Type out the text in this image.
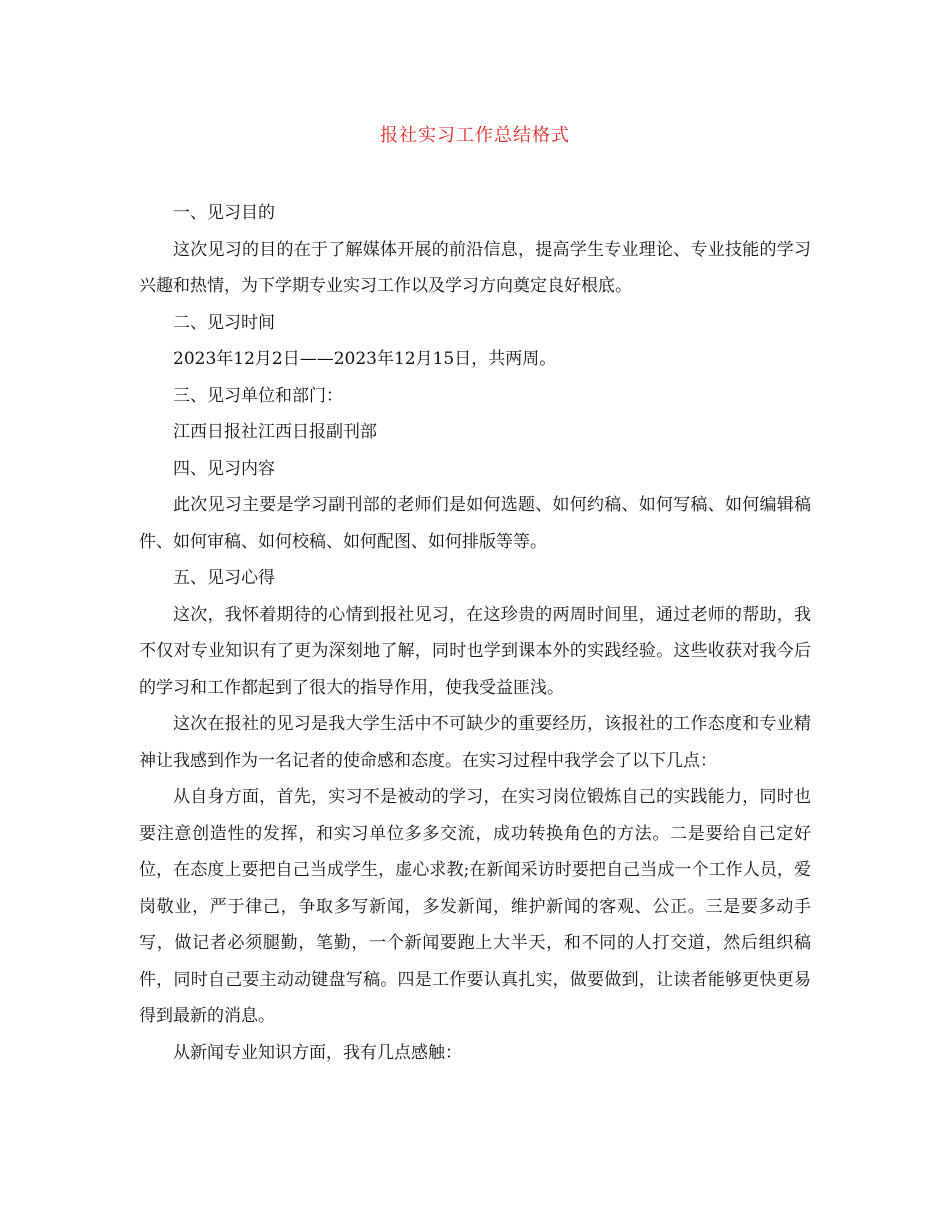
报社实习工作总结格式

一、见习目的

这次见习的目的在于了解媒体开展的前沿信息，提高学生专业理论、专业技能的学习兴趣和热情，为下学期专业实习工作以及学习方向奠定良好根底。

二、见习时间

2023年12月2日——2023年12月15日，共两周。

三、见习单位和部门：

江西日报社江西日报副刊部

四、见习内容

此次见习主要是学习副刊部的老师们是如何选题、如何约稿、如何写稿、如何编辑稿件、如何审稿、如何校稿、如何配图、如何排版等等。

五、见习心得

这次，我怀着期待的心情到报社见习，在这珍贵的两周时间里，通过老师的帮助，我不仅对专业知识有了更为深刻地了解，同时也学到课本外的实践经验。这些收获对我今后的学习和工作都起到了很大的指导作用，使我受益匪浅。

这次在报社的见习是我大学生活中不可缺少的重要经历，该报社的工作态度和专业精神让我感到作为一名记者的使命感和态度。在实习过程中我学会了以下几点：

从自身方面，首先，实习不是被动的学习，在实习岗位锻炼自己的实践能力，同时也要注意创造性的发挥，和实习单位多多交流，成功转换角色的方法。二是要给自己定好位，在态度上要把自己当成学生，虚心求教;在新闻采访时要把自己当成一个工作人员，爱岗敬业，严于律己，争取多写新闻，多发新闻，维护新闻的客观、公正。三是要多动手写，做记者必须腿勤，笔勤，一个新闻要跑上大半天，和不同的人打交道，然后组织稿件，同时自己要主动动键盘写稿。四是工作要认真扎实，做要做到，让读者能够更快更易得到最新的消息。

从新闻专业知识方面，我有几点感触：
